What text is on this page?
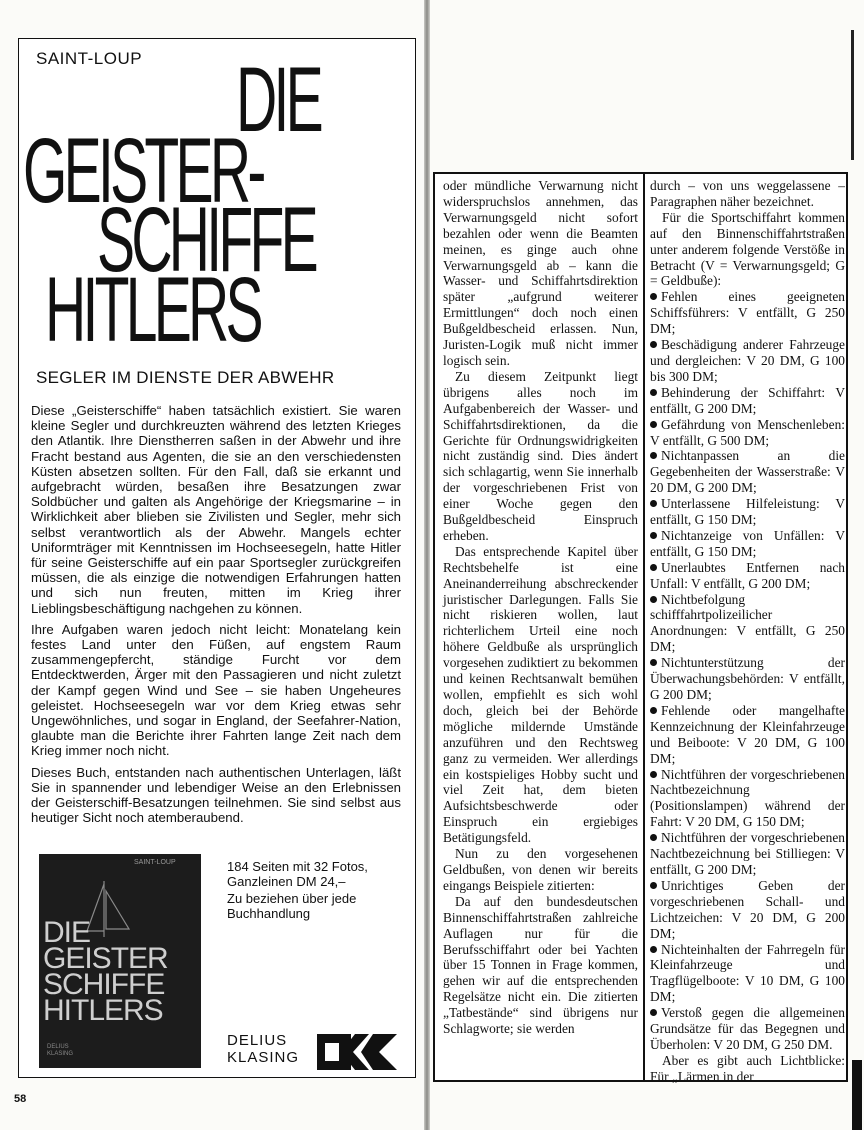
SAINT-LOUP DIE
GEISTER-
SCHIFFE
HITLERS
SEGLER IM DIENSTE DER ABWEHR

Diese „Geisterschiffe“ haben tatsächlich existiert. Sie waren kleine Segler und durchkreuzten während des letzten Krieges den Atlantik. Ihre Dienstherren saßen in der Abwehr und ihre Fracht bestand aus Agenten, die sie an den verschiedensten Küsten absetzen sollten. Für den Fall, daß sie erkannt und aufgebracht würden, besaßen ihre Besatzungen zwar Soldbücher und galten als Angehörige der Kriegsmarine – in Wirklichkeit aber blieben sie Zivilisten und Segler, mehr sich selbst verantwortlich als der Abwehr. Mangels echter Uniformträger mit Kenntnissen im Hochseesegeln, hatte Hitler für seine Geisterschiffe auf ein paar Sportsegler zurückgreifen müssen, die als einzige die notwendigen Erfahrungen hatten und sich nun freuten, mitten im Krieg ihrer Lieblingsbeschäftigung nachgehen zu können.

Ihre Aufgaben waren jedoch nicht leicht: Monatelang kein festes Land unter den Füßen, auf engstem Raum zusammengepfercht, ständige Furcht vor dem Entdecktwerden, Ärger mit den Passagieren und nicht zuletzt der Kampf gegen Wind und See – sie haben Ungeheures geleistet. Hochseesegeln war vor dem Krieg etwas sehr Ungewöhnliches, und sogar in England, der Seefahrer-Nation, glaubte man die Berichte ihrer Fahrten lange Zeit nach dem Krieg immer noch nicht.

Dieses Buch, entstanden nach authentischen Unterlagen, läßt Sie in spannender und lebendiger Weise an den Erlebnissen der Geisterschiff-Besatzungen teilnehmen. Sie sind selbst aus heutiger Sicht noch atemberaubend.

SAINT-LOUP
DIE
GEISTER
SCHIFFE
HITLERS
DELIUS
KLASING
184 Seiten mit 32 Fotos,
Ganzleinen DM 24,–
Zu beziehen über jede
Buchhandlung
DELIUS
KLASING
58

oder mündliche Verwarnung nicht widerspruchslos annehmen, das Verwarnungsgeld nicht sofort bezahlen oder wenn die Beamten meinen, es ginge auch ohne Verwarnungsgeld ab – kann die Wasser- und Schiffahrtsdirektion später „aufgrund weiterer Ermittlungen“ doch noch einen Bußgeldbescheid erlassen. Nun, Juristen-Logik muß nicht immer logisch sein.

Zu diesem Zeitpunkt liegt übrigens alles noch im Aufgabenbereich der Wasser- und Schiffahrtsdirektionen, da die Gerichte für Ordnungswidrigkeiten nicht zuständig sind. Dies ändert sich schlagartig, wenn Sie innerhalb der vorgeschriebenen Frist von einer Woche gegen den Bußgeldbescheid Einspruch erheben.

Das entsprechende Kapitel über Rechtsbehelfe ist eine Aneinanderreihung abschreckender juristischer Darlegungen. Falls Sie nicht riskieren wollen, laut richterlichem Urteil eine noch höhere Geldbuße als ursprünglich vorgesehen zudiktiert zu bekommen und keinen Rechtsanwalt bemühen wollen, empfiehlt es sich wohl doch, gleich bei der Behörde mögliche mildernde Umstände anzuführen und den Rechtsweg ganz zu vermeiden. Wer allerdings ein kostspieliges Hobby sucht und viel Zeit hat, dem bieten Aufsichtsbeschwerde oder Einspruch ein ergiebiges Betätigungsfeld.

Nun zu den vorgesehenen Geldbußen, von denen wir bereits eingangs Beispiele zitierten:

Da auf den bundesdeutschen Binnenschiffahrtstraßen zahlreiche Auflagen nur für die Berufsschiffahrt oder bei Yachten über 15 Tonnen in Frage kommen, gehen wir auf die entsprechenden Regelsätze nicht ein. Die zitierten „Tatbestände“ sind übrigens nur Schlagworte; sie werden

durch – von uns weggelassene – Paragraphen näher bezeichnet.

Für die Sportschiffahrt kommen auf den Binnenschiffahrtstraßen unter anderem folgende Verstöße in Betracht (V = Verwarnungsgeld; G = Geldbuße):

Fehlen eines geeigneten Schiffsführers: V entfällt, G 250 DM;

Beschädigung anderer Fahrzeuge und dergleichen: V 20 DM, G 100 bis 300 DM;

Behinderung der Schiffahrt: V entfällt, G 200 DM;

Gefährdung von Menschenleben: V entfällt, G 500 DM;

Nichtanpassen an die Gegebenheiten der Wasserstraße: V 20 DM, G 200 DM;

Unterlassene Hilfeleistung: V entfällt, G 150 DM;

Nichtanzeige von Unfällen: V entfällt, G 150 DM;

Unerlaubtes Entfernen nach Unfall: V entfällt, G 200 DM;

Nichtbefolgung schifffahrtpolizeilicher Anordnungen: V entfällt, G 250 DM;

Nichtunterstützung der Überwachungsbehörden: V entfällt, G 200 DM;

Fehlende oder mangelhafte Kennzeichnung der Kleinfahrzeuge und Beiboote: V 20 DM, G 100 DM;

Nichtführen der vorgeschriebenen Nachtbezeichnung (Positionslampen) während der Fahrt: V 20 DM, G 150 DM;

Nichtführen der vorgeschriebenen Nachtbezeichnung bei Stilliegen: V entfällt, G 200 DM;

Unrichtiges Geben der vorgeschriebenen Schall- und Lichtzeichen: V 20 DM, G 200 DM;

Nichteinhalten der Fahrregeln für Kleinfahrzeuge und Tragflügelboote: V 10 DM, G 100 DM;

Verstoß gegen die allgemeinen Grundsätze für das Begegnen und Überholen: V 20 DM, G 250 DM.

Aber es gibt auch Lichtblicke: Für „Lärmen in der
